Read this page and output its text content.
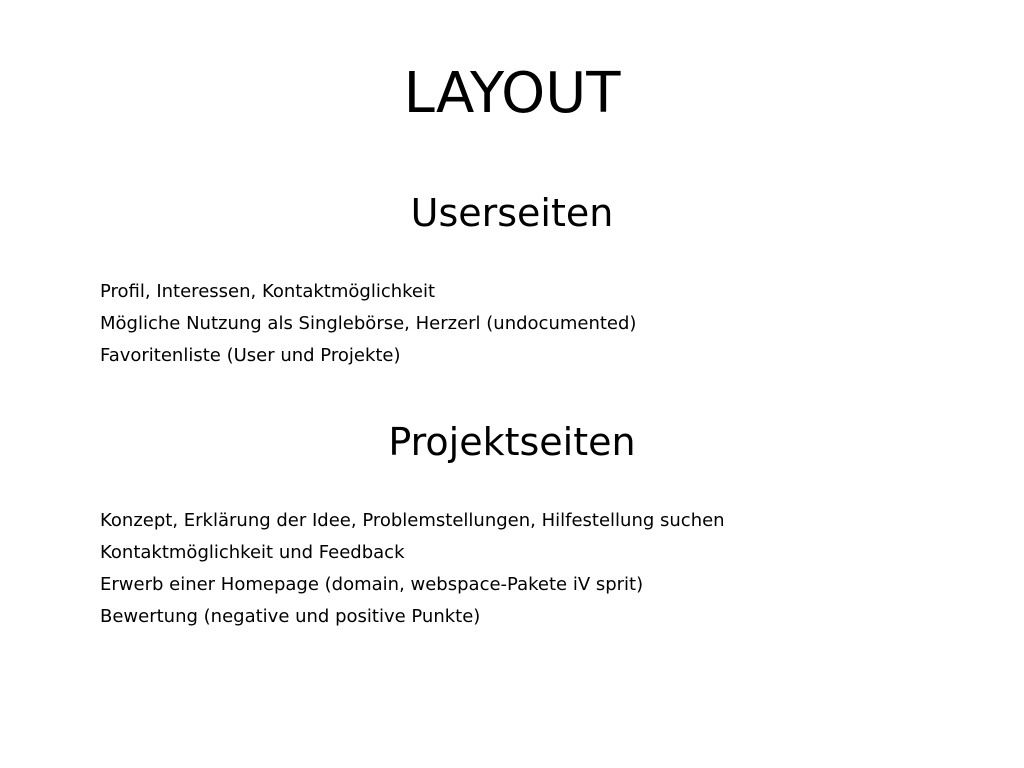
LAYOUT
Userseiten
Profil, Interessen, Kontaktmöglichkeit
Mögliche Nutzung als Singlebörse, Herzerl (undocumented)
Favoritenliste (User und Projekte)
Projektseiten
Konzept, Erklärung der Idee, Problemstellungen, Hilfestellung suchen
Kontaktmöglichkeit und Feedback
Erwerb einer Homepage (domain, webspace-Pakete iV sprit)
Bewertung (negative und positive Punkte)
